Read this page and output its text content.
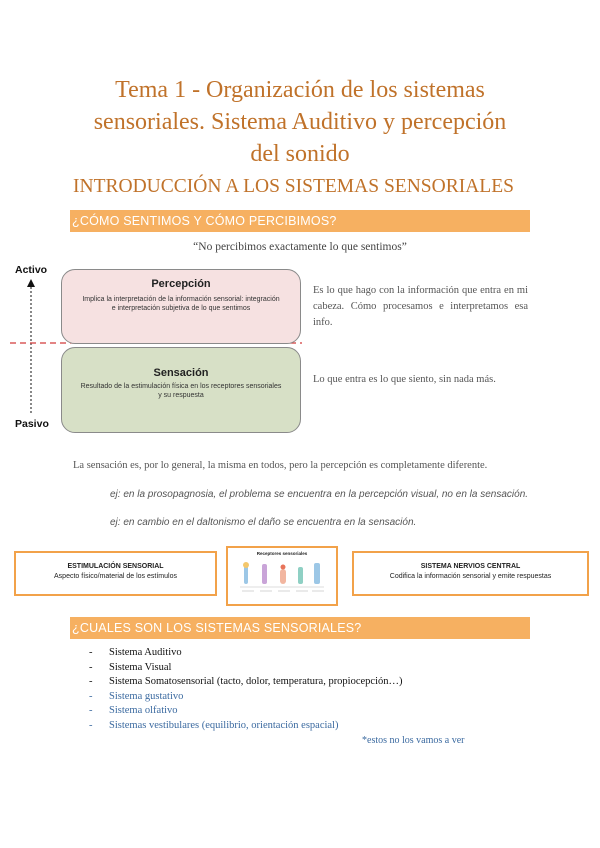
Tema 1 - Organización de los sistemas
sensoriales. Sistema Auditivo y percepción
del sonido
INTRODUCCIÓN A LOS SISTEMAS SENSORIALES
¿CÓMO SENTIMOS Y CÓMO PERCIBIMOS?
“No percibimos exactamente lo que sentimos”
Activo
Pasivo
Percepción
Implica la interpretación de la información sensorial: integración e interpretación subjetiva de lo que sentimos
Sensación
Resultado de la estimulación física en los receptores sensoriales y su respuesta
Es lo que hago con la información que entra en mi cabeza. Cómo procesamos e interpretamos esa info.
Lo que entra es lo que siento, sin nada más.
La sensación es, por lo general, la misma en todos, pero la percepción es completamente diferente.
ej: en la prosopagnosia, el problema se encuentra en la percepción visual, no en la sensación.
ej: en cambio en el daltonismo el daño se encuentra en la sensación.
ESTIMULACIÓN SENSORIAL
Aspecto físico/material de los estímulos
Receptores sensoriales
SISTEMA NERVIOS CENTRAL
Codifica la información sensorial y emite respuestas
¿CUALES SON LOS SISTEMAS SENSORIALES?
-	Sistema Auditivo
-	Sistema Visual
-	Sistema Somatosensorial (tacto, dolor, temperatura, propiocepción…)
-	Sistema gustativo
-	Sistema olfativo
-	Sistemas vestibulares (equilibrio, orientación espacial)
*estos no los vamos a ver
